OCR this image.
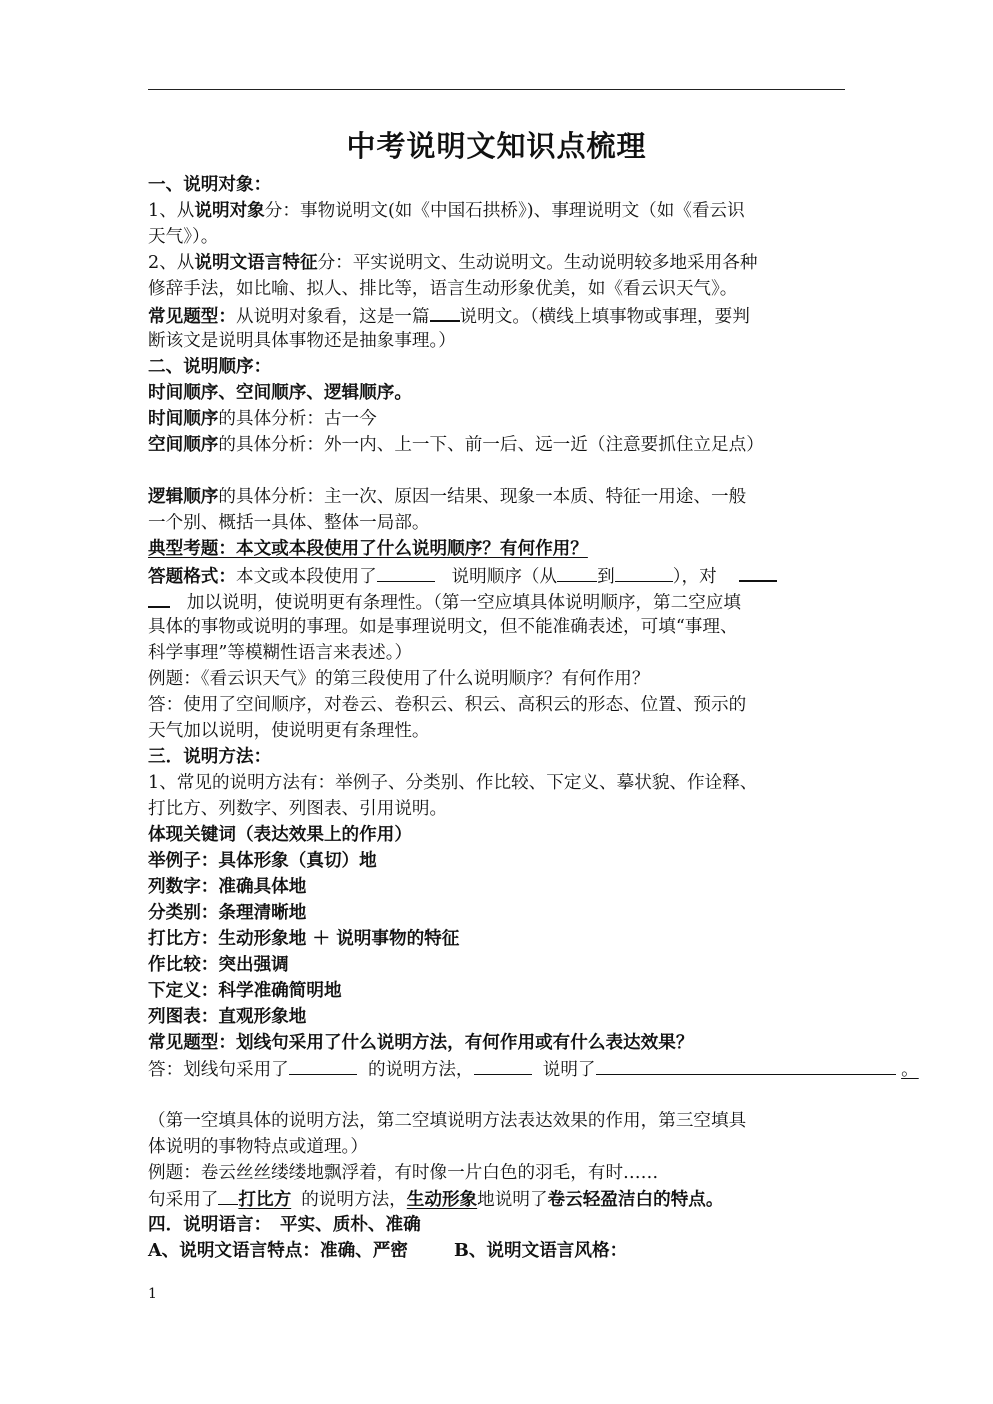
中考说明文知识点梳理
一、说明对象：
1、从说明对象分：事物说明文(如《中国石拱桥》)、事理说明文（如《看云识
天气》）。
2、从说明文语言特征分：平实说明文、生动说明文。生动说明较多地采用各种
修辞手法，如比喻、拟人、排比等，语言生动形象优美，如《看云识天气》。
常见题型：从说明对象看，这是一篇 说明文。（横线上填事物或事理，要判
断该文是说明具体事物还是抽象事理。）
二、说明顺序：
时间顺序、空间顺序、逻辑顺序。
时间顺序的具体分析：古一今
空间顺序的具体分析：外一内、上一下、前一后、远一近（注意要抓住立足点）
逻辑顺序的具体分析：主一次、原因一结果、现象一本质、特征一用途、一般
一个别、概括一具体、整体一局部。
典型考题：本文或本段使用了什么说明顺序？有何作用？
答题格式：本文或本段使用了	说明顺序（从 到	），对
加以说明，使说明更有条理性。（第一空应填具体说明顺序，第二空应填
具体的事物或说明的事理。如是事理说明文，但不能准确表述，可填“事理、
科学事理”等模糊性语言来表述。）
例题：《看云识天气》的第三段使用了什么说明顺序？有何作用？
答：使用了空间顺序，对卷云、卷积云、积云、高积云的形态、位置、预示的
天气加以说明，使说明更有条理性。
三．说明方法：
1、常见的说明方法有：举例子、分类别、作比较、下定义、摹状貌、作诠释、
打比方、列数字、列图表、引用说明。
体现关键词（表达效果上的作用）
举例子：具体形象（真切）地
列数字：准确具体地
分类别：条理清晰地
打比方：生动形象地 ＋ 说明事物的特征
作比较：突出强调
下定义：科学准确简明地
列图表：直观形象地
常见题型：划线句采用了什么说明方法，有何作用或有什么表达效果？
答：划线句采用了	的说明方法，	说明了	。
（第一空填具体的说明方法，第二空填说明方法表达效果的作用，第三空填具
体说明的事物特点或道理。）
例题：卷云丝丝缕缕地飘浮着，有时像一片白色的羽毛，有时……
句采用了 打比方 的说明方法，生动形象地说明了卷云轻盈洁白的特点。
四．说明语言：　平实、质朴、准确
A、说明文语言特点：准确、严密	B、说明文语言风格：
1
